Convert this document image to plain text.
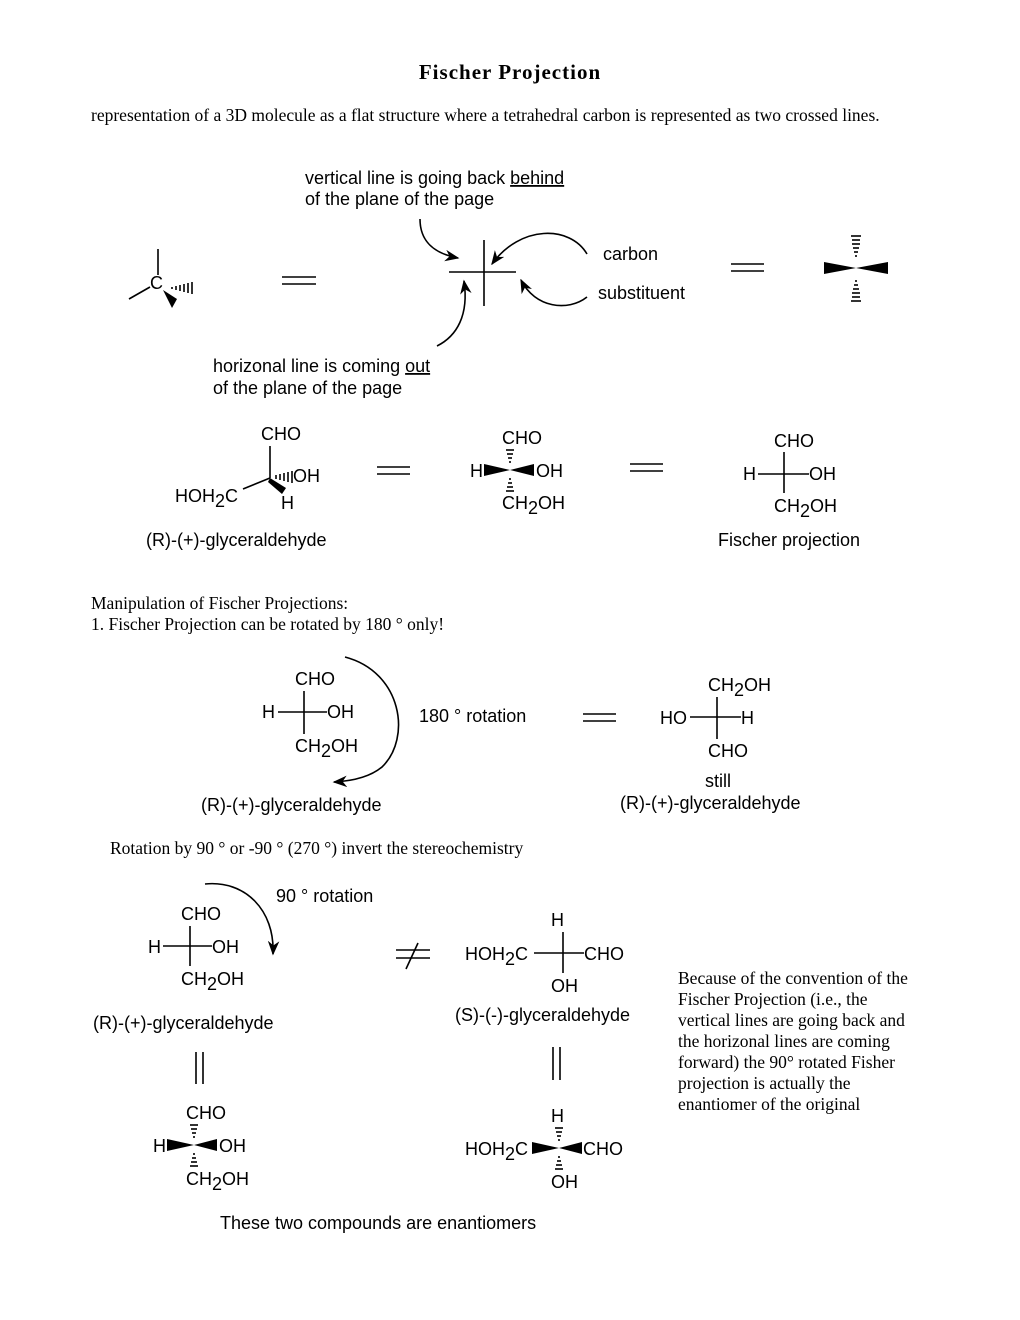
Fischer Projection
representation of a 3D molecule as a flat structure where a tetrahedral carbon is represented as two crossed lines.
Manipulation of Fischer Projections:
1. Fischer Projection can be rotated by 180 ° only!
Rotation by 90 ° or -90 ° (270 °) invert the stereochemistry
Because of the convention of the
Fischer Projection (i.e., the
vertical lines are going back and
the horizonal lines are coming
forward) the 90° rotated Fisher
projection is actually the
enantiomer of the original
C
vertical line is going back behind
of the plane of the page
horizonal line is coming out
of the plane of the page
carbon
substituent
CHO
OH
HOH2C H
(R)-(+)-glyceraldehyde
CHO
H	OH
CH2OH
CHO
H	OH
CH2OH
Fischer projection
CHO
H	OH
CH2OH
180 ° rotation
(R)-(+)-glyceraldehyde
CH2OH
HO	H
CHO
still
(R)-(+)-glyceraldehyde
90 ° rotation
CHO
H	OH
CH2OH
(R)-(+)-glyceraldehyde
H
HOH2C	CHO
OH
(S)-(-)-glyceraldehyde
CHO
H	OH
CH2OH
H
HOH2C	CHO
OH
These two compounds are enantiomers
